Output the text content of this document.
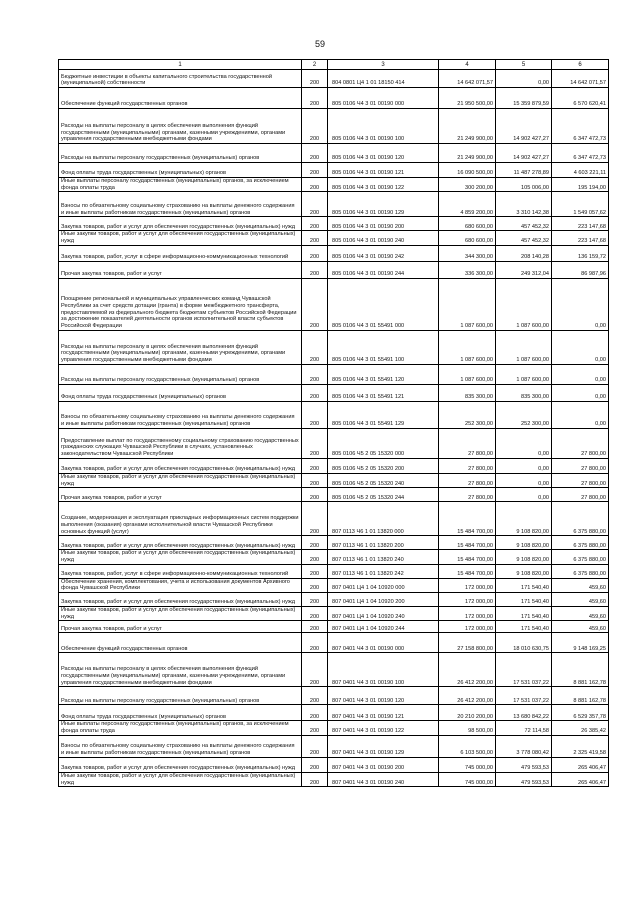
59
1	2	3	4	5	6
Бюджетные инвестиции в объекты капитального строительства государственной (муниципальной) собственности	200	804 0801 Ц4 1 01 18150 414	14 642 071,57	0,00	14 642 071,57
Обеспечение функций государственных органов	200	805 0106 Ч4 3 01 00190 000	21 950 500,00	15 359 879,59	6 570 620,41
Расходы на выплаты персоналу в целях обеспечения выполнения функций государственными (муниципальными) органами, казенными учреждениями, органами управления государственными внебюджетными фондами	200	805 0106 Ч4 3 01 00190 100	21 249 900,00	14 902 427,27	6 347 472,73
Расходы на выплаты персоналу государственных (муниципальных) органов	200	805 0106 Ч4 3 01 00190 120	21 249 900,00	14 902 427,27	6 347 472,73
Фонд оплаты труда государственных (муниципальных) органов	200	805 0106 Ч4 3 01 00190 121	16 090 500,00	11 487 278,89	4 603 221,11
Иные выплаты персоналу государственных (муниципальных) органов, за исключением фонда оплаты труда	200	805 0106 Ч4 3 01 00190 122	300 200,00	105 006,00	195 194,00
Взносы по обязательному социальному страхованию на выплаты денежного содержания и иные выплаты работникам государственных (муниципальных) органов	200	805 0106 Ч4 3 01 00190 129	4 859 200,00	3 310 142,38	1 549 057,62
Закупка товаров, работ и услуг для обеспечения государственных (муниципальных) нужд	200	805 0106 Ч4 3 01 00190 200	680 600,00	457 452,32	223 147,68
Иные закупки товаров, работ и услуг для обеспечения государственных (муниципальных) нужд	200	805 0106 Ч4 3 01 00190 240	680 600,00	457 452,32	223 147,68
Закупка товаров, работ, услуг в сфере информационно-коммуникационных технологий	200	805 0106 Ч4 3 01 00190 242	344 300,00	208 140,28	136 159,72
Прочая закупка товаров, работ и услуг	200	805 0106 Ч4 3 01 00190 244	336 300,00	249 312,04	86 987,96
Поощрение региональной и муниципальных управленческих команд Чувашской Республики за счет средств дотации (гранта) в форме межбюджетного трансферта, предоставляемой из федерального бюджета бюджетам субъектов Российской Федерации за достижение показателей деятельности органов исполнительной власти субъектов Российской Федерации	200	805 0106 Ч4 3 01 55491 000	1 087 600,00	1 087 600,00	0,00
Расходы на выплаты персоналу в целях обеспечения выполнения функций государственными (муниципальными) органами, казенными учреждениями, органами управления государственными внебюджетными фондами	200	805 0106 Ч4 3 01 55491 100	1 087 600,00	1 087 600,00	0,00
Расходы на выплаты персоналу государственных (муниципальных) органов	200	805 0106 Ч4 3 01 55491 120	1 087 600,00	1 087 600,00	0,00
Фонд оплаты труда государственных (муниципальных) органов	200	805 0106 Ч4 3 01 55491 121	835 300,00	835 300,00	0,00
Взносы по обязательному социальному страхованию на выплаты денежного содержания и иные выплаты работникам государственных (муниципальных) органов	200	805 0106 Ч4 3 01 55491 129	252 300,00	252 300,00	0,00
Предоставление выплат по государственному социальному страхованию государственных гражданских служащих Чувашской Республики в случаях, установленных законодательством Чувашской Республики	200	805 0106 Ч5 2 05 15320 000	27 800,00	0,00	27 800,00
Закупка товаров, работ и услуг для обеспечения государственных (муниципальных) нужд	200	805 0106 Ч5 2 05 15320 200	27 800,00	0,00	27 800,00
Иные закупки товаров, работ и услуг для обеспечения государственных (муниципальных) нужд	200	805 0106 Ч5 2 05 15320 240	27 800,00	0,00	27 800,00
Прочая закупка товаров, работ и услуг	200	805 0106 Ч5 2 05 15320 244	27 800,00	0,00	27 800,00
Создание, модернизация и эксплуатация прикладных информационных систем поддержки выполнения (оказания) органами исполнительной власти Чувашской Республики основных функций (услуг)	200	807 0113 Ч6 1 01 13820 000	15 484 700,00	9 108 820,00	6 375 880,00
Закупка товаров, работ и услуг для обеспечения государственных (муниципальных) нужд	200	807 0113 Ч6 1 01 13820 200	15 484 700,00	9 108 820,00	6 375 880,00
Иные закупки товаров, работ и услуг для обеспечения государственных (муниципальных) нужд	200	807 0113 Ч6 1 01 13820 240	15 484 700,00	9 108 820,00	6 375 880,00
Закупка товаров, работ, услуг в сфере информационно-коммуникационных технологий	200	807 0113 Ч6 1 01 13820 242	15 484 700,00	9 108 820,00	6 375 880,00
Обеспечение хранения, комплектования, учета и использования документов Архивного фонда Чувашской Республики	200	807 0401 Ц4 1 04 10920 000	172 000,00	171 540,40	459,60
Закупка товаров, работ и услуг для обеспечения государственных (муниципальных) нужд	200	807 0401 Ц4 1 04 10920 200	172 000,00	171 540,40	459,60
Иные закупки товаров, работ и услуг для обеспечения государственных (муниципальных) нужд	200	807 0401 Ц4 1 04 10920 240	172 000,00	171 540,40	459,60
Прочая закупка товаров, работ и услуг	200	807 0401 Ц4 1 04 10920 244	172 000,00	171 540,40	459,60
Обеспечение функций государственных органов	200	807 0401 Ч4 3 01 00190 000	27 158 800,00	18 010 630,75	9 148 169,25
Расходы на выплаты персоналу в целях обеспечения выполнения функций государственными (муниципальными) органами, казенными учреждениями, органами управления государственными внебюджетными фондами	200	807 0401 Ч4 3 01 00190 100	26 412 200,00	17 531 037,22	8 881 162,78
Расходы на выплаты персоналу государственных (муниципальных) органов	200	807 0401 Ч4 3 01 00190 120	26 412 200,00	17 531 037,22	8 881 162,78
Фонд оплаты труда государственных (муниципальных) органов	200	807 0401 Ч4 3 01 00190 121	20 210 200,00	13 680 842,22	6 529 357,78
Иные выплаты персоналу государственных (муниципальных) органов, за исключением фонда оплаты труда	200	807 0401 Ч4 3 01 00190 122	98 500,00	72 114,58	26 385,42
Взносы по обязательному социальному страхованию на выплаты денежного содержания и иные выплаты работникам государственных (муниципальных) органов	200	807 0401 Ч4 3 01 00190 129	6 103 500,00	3 778 080,42	2 325 419,58
Закупка товаров, работ и услуг для обеспечения государственных (муниципальных) нужд	200	807 0401 Ч4 3 01 00190 200	745 000,00	479 593,53	265 406,47
Иные закупки товаров, работ и услуг для обеспечения государственных (муниципальных) нужд	200	807 0401 Ч4 3 01 00190 240	745 000,00	479 593,53	265 406,47
